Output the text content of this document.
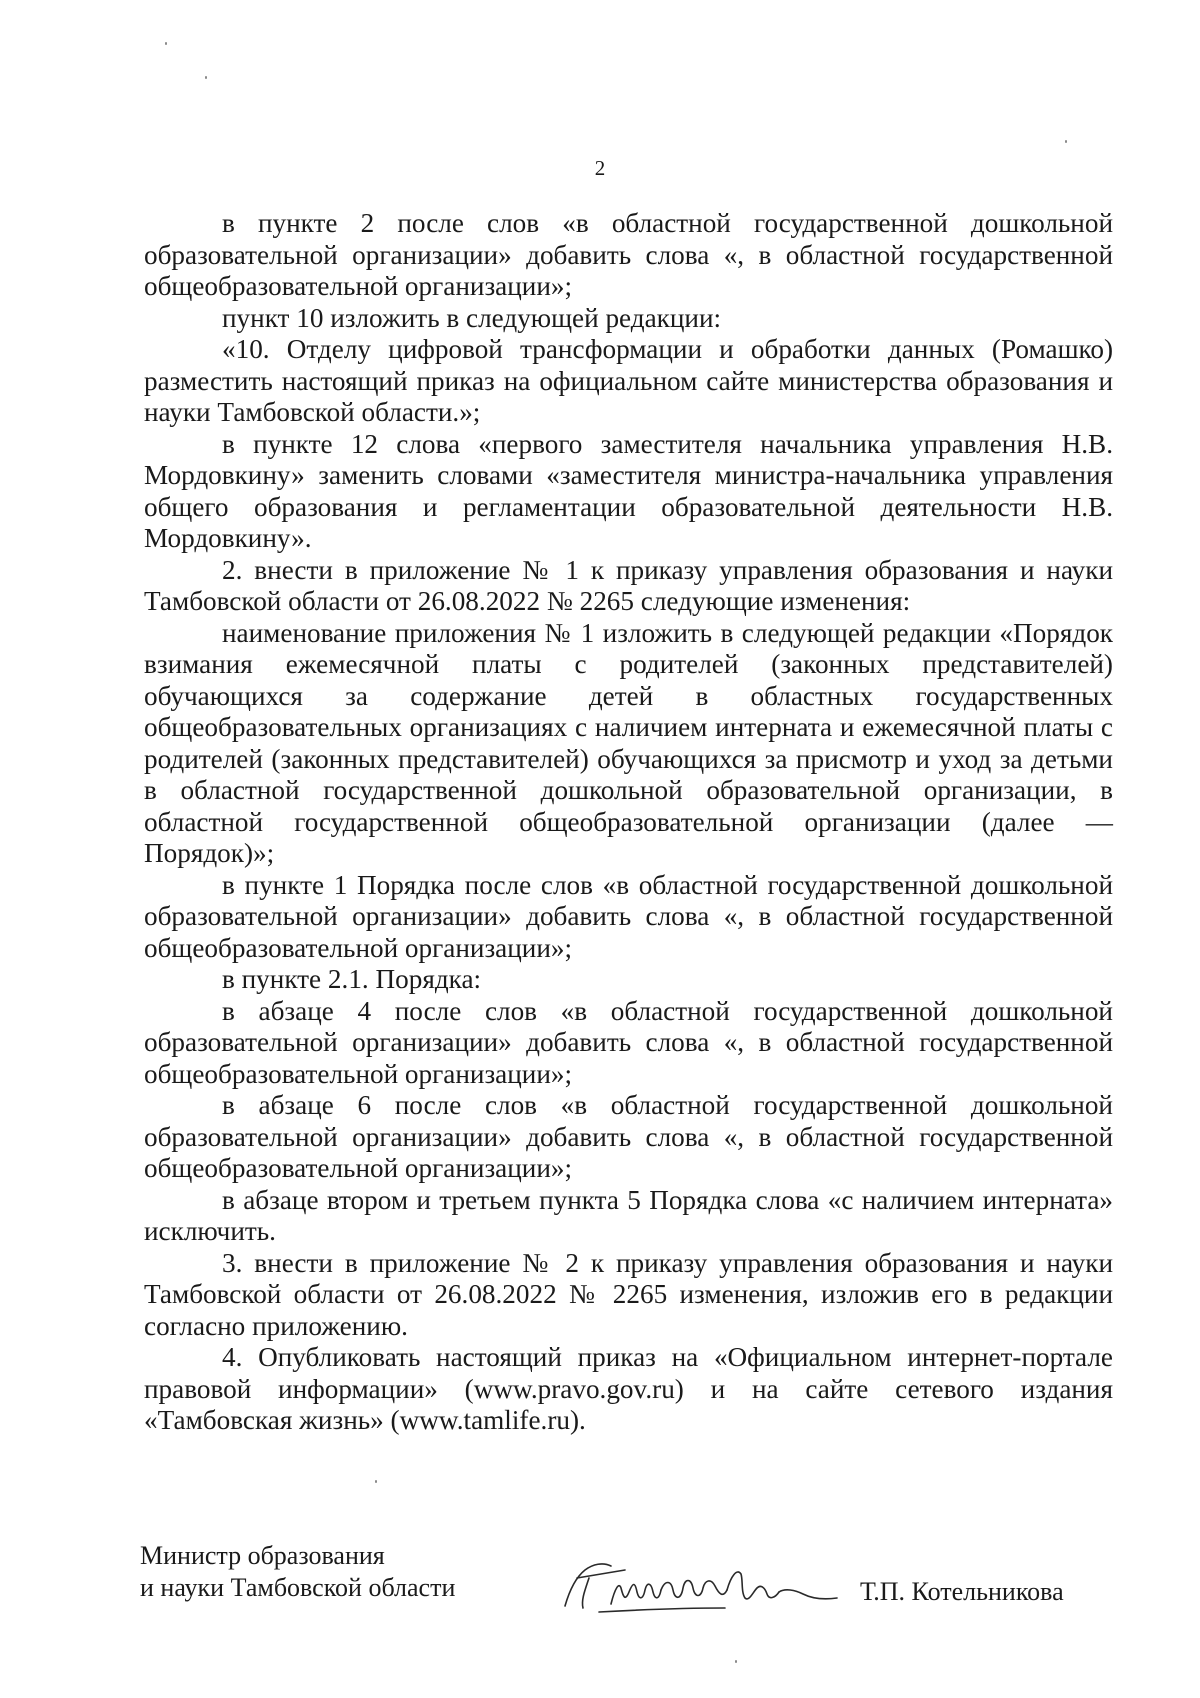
2

в пункте 2 после слов «в областной государственной дошкольной образовательной организации» добавить слова «, в областной государственной общеобразовательной организации»;

пункт 10 изложить в следующей редакции:

«10. Отделу цифровой трансформации и обработки данных (Ромашко) разместить настоящий приказ на официальном сайте министерства образования и науки Тамбовской области.»;

в пункте 12 слова «первого заместителя начальника управления Н.В. Мордовкину» заменить словами «заместителя министра-начальника управления общего образования и регламентации образовательной деятельности Н.В. Мордовкину».

2. внести в приложение № 1 к приказу управления образования и науки Тамбовской области от 26.08.2022 № 2265 следующие изменения:

наименование приложения № 1 изложить в следующей редакции «Порядок взимания ежемесячной платы с родителей (законных представителей) обучающихся за содержание детей в областных государственных общеобразовательных организациях с наличием интерната и ежемесячной платы с родителей (законных представителей) обучающихся за присмотр и уход за детьми в областной государственной дошкольной образовательной организации, в областной государственной общеобразовательной организации (далее — Порядок)»;

в пункте 1 Порядка после слов «в областной государственной дошкольной образовательной организации» добавить слова «, в областной государственной общеобразовательной организации»;

в пункте 2.1. Порядка:

в абзаце 4 после слов «в областной государственной дошкольной образовательной организации» добавить слова «, в областной государственной общеобразовательной организации»;

в абзаце 6 после слов «в областной государственной дошкольной образовательной организации» добавить слова «, в областной государственной общеобразовательной организации»;

в абзаце втором и третьем пункта 5 Порядка слова «с наличием интерната» исключить.

3. внести в приложение № 2 к приказу управления образования и науки Тамбовской области от 26.08.2022 № 2265 изменения, изложив его в редакции согласно приложению.

4. Опубликовать настоящий приказ на «Официальном интернет-портале правовой информации» (www.pravo.gov.ru) и на сайте сетевого издания «Тамбовская жизнь» (www.tamlife.ru).

Министр образования
и науки Тамбовской области	Т.П. Котельникова
